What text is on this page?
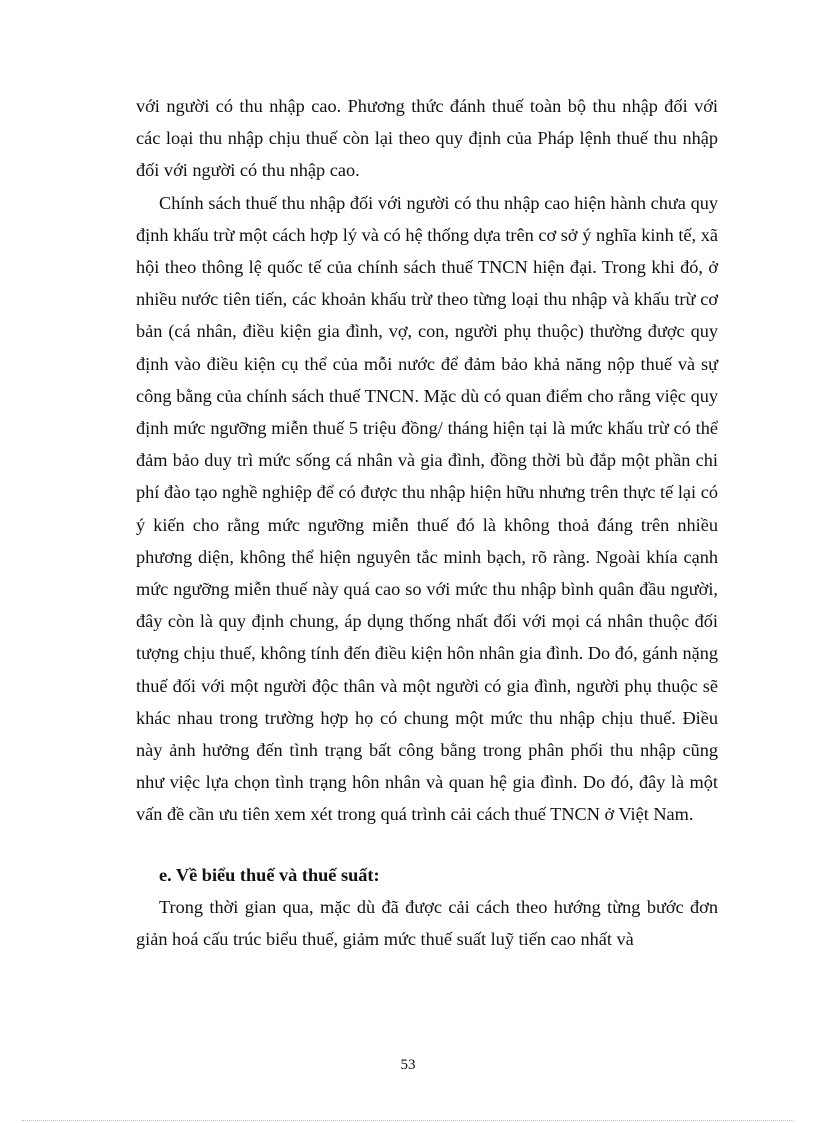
với người có thu nhập cao. Phương thức đánh thuế toàn bộ thu nhập đối với các loại thu nhập chịu thuế còn lại theo quy định của Pháp lệnh thuế thu nhập đối với người có thu nhập cao.

Chính sách thuế thu nhập đối với người có thu nhập cao hiện hành chưa quy định khấu trừ một cách hợp lý và có hệ thống dựa trên cơ sở ý nghĩa kinh tế, xã hội theo thông lệ quốc tế của chính sách thuế TNCN hiện đại. Trong khi đó, ở nhiều nước tiên tiến, các khoản khấu trừ theo từng loại thu nhập và khấu trừ cơ bản (cá nhân, điều kiện gia đình, vợ, con, người phụ thuộc) thường được quy định vào điều kiện cụ thể của mỗi nước để đảm bảo khả năng nộp thuế và sự công bằng của chính sách thuế TNCN. Mặc dù có quan điểm cho rằng việc quy định mức ngưỡng miễn thuế 5 triệu đồng/ tháng hiện tại là mức khấu trừ có thể đảm bảo duy trì mức sống cá nhân và gia đình, đồng thời bù đắp một phần chi phí đào tạo nghề nghiệp để có được thu nhập hiện hữu nhưng trên thực tế lại có ý kiến cho rằng mức ngưỡng miễn thuế đó là không thoả đáng trên nhiều phương diện, không thể hiện nguyên tắc minh bạch, rõ ràng. Ngoài khía cạnh mức ngưỡng miễn thuế này quá cao so với mức thu nhập bình quân đầu người, đây còn là quy định chung, áp dụng thống nhất đối với mọi cá nhân thuộc đối tượng chịu thuế, không tính đến điều kiện hôn nhân gia đình. Do đó, gánh nặng thuế đối với một người độc thân và một người có gia đình, người phụ thuộc sẽ khác nhau trong trường hợp họ có chung một mức thu nhập chịu thuế. Điều này ảnh hưởng đến tình trạng bất công bằng trong phân phối thu nhập cũng như việc lựa chọn tình trạng hôn nhân và quan hệ gia đình. Do đó, đây là một vấn đề cần ưu tiên xem xét trong quá trình cải cách thuế TNCN ở Việt Nam.

e. Về biểu thuế và thuế suất:

Trong thời gian qua, mặc dù đã được cải cách theo hướng từng bước đơn giản hoá cấu trúc biểu thuế, giảm mức thuế suất luỹ tiến cao nhất và

53
